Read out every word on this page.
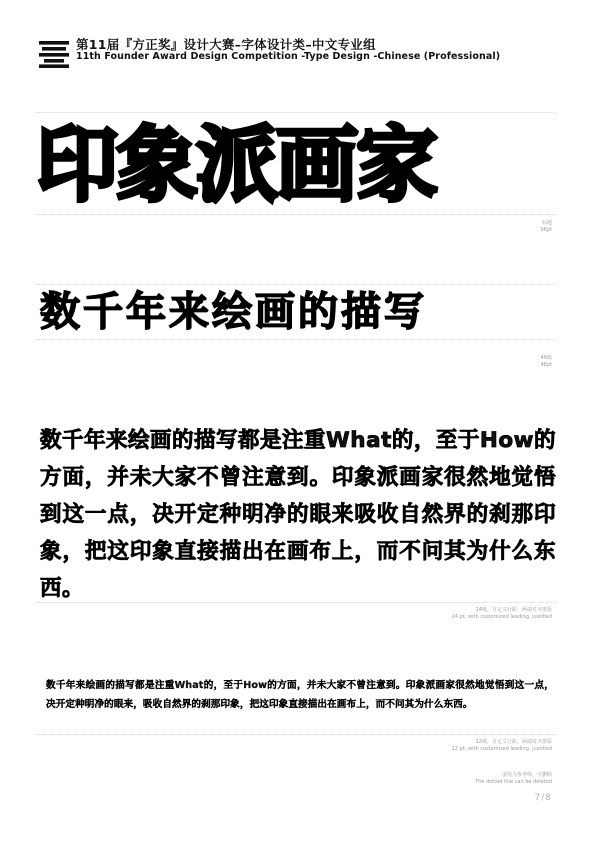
第11届『方正奖』设计大赛–字体设计类–中文专业组
11th Founder Award Design Competition -Type Design -Chinese (Professional)
印象派画家
标题
96pt
数千年来绘画的描写
48级
48pt
数千年来绘画的描写都是注重What的，至于How的方面，并未大家不曾注意到。印象派画家很然地觉悟到这一点，决开定种明净的眼来吸收自然界的刹那印象，把这印象直接描出在画布上，而不问其为什么东西。
24级，自定义行距，两端对齐排版
24 pt, with customized leading, justified
数千年来绘画的描写都是注重What的，至于How的方面，并未大家不曾注意到。印象派画家很然地觉悟到这一点，决开定种明净的眼来，吸收自然界的刹那印象，把这印象直接描出在画布上，而不问其为什么东西。
12级，自定义行距，两端对齐排版
12 pt, with customized leading, justified
虚线为参考线，可删除
The dotted line can be deleted
7/8
